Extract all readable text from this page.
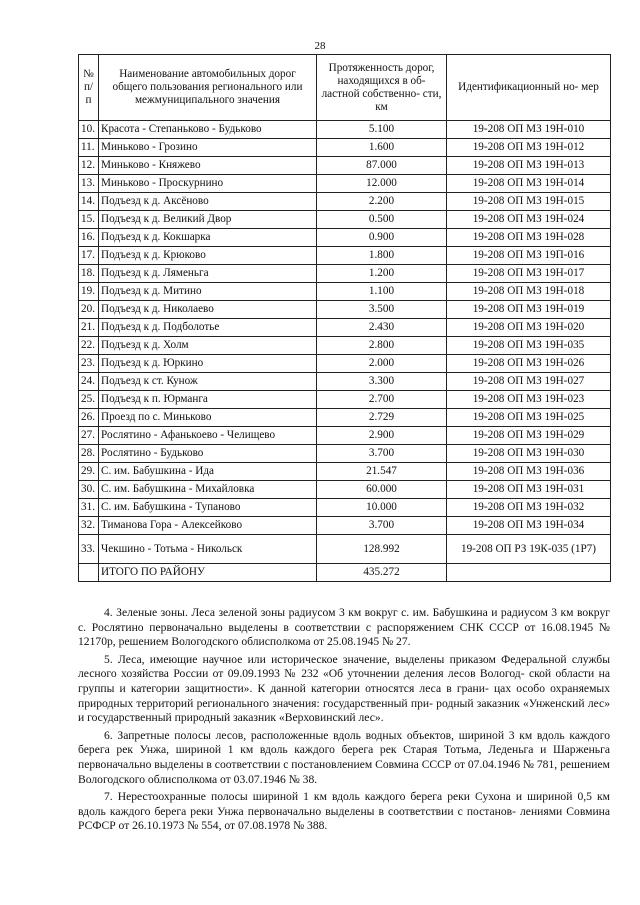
28
№ п/п	Наименование автомобильных дорог общего пользования регионального или межмуниципального значения	Протяженность дорог, находящихся в об- ластной собственно- сти, км	Идентификационный но- мер
10.	Красота - Степаньково - Будьково	5.100	19-208 ОП МЗ 19Н-010
11.	Миньково - Грозино	1.600	19-208 ОП МЗ 19Н-012
12.	Миньково - Княжево	87.000	19-208 ОП МЗ 19Н-013
13.	Миньково - Проскурнино	12.000	19-208 ОП МЗ 19Н-014
14.	Подъезд к д. Аксёново	2.200	19-208 ОП МЗ 19Н-015
15.	Подъезд к д. Великий Двор	0.500	19-208 ОП МЗ 19Н-024
16.	Подъезд к д. Кокшарка	0.900	19-208 ОП МЗ 19Н-028
17.	Подъезд к д. Крюково	1.800	19-208 ОП МЗ 19П-016
18.	Подъезд к д. Ляменьга	1.200	19-208 ОП МЗ 19Н-017
19.	Подъезд к д. Митино	1.100	19-208 ОП МЗ 19Н-018
20.	Подъезд к д. Николаево	3.500	19-208 ОП МЗ 19Н-019
21.	Подъезд к д. Подболотье	2.430	19-208 ОП МЗ 19Н-020
22.	Подъезд к д. Холм	2.800	19-208 ОП МЗ 19Н-035
23.	Подъезд к д. Юркино	2.000	19-208 ОП МЗ 19Н-026
24.	Подъезд к ст. Кунож	3.300	19-208 ОП МЗ 19Н-027
25.	Подъезд к п. Юрманга	2.700	19-208 ОП МЗ 19Н-023
26.	Проезд по с. Миньково	2.729	19-208 ОП МЗ 19Н-025
27.	Рослятино - Афанькоево - Челищево	2.900	19-208 ОП МЗ 19Н-029
28.	Рослятино - Будьково	3.700	19-208 ОП МЗ 19Н-030
29.	С. им. Бабушкина - Ида	21.547	19-208 ОП МЗ 19Н-036
30.	С. им. Бабушкина - Михайловка	60.000	19-208 ОП МЗ 19Н-031
31.	С. им. Бабушкина - Тупаново	10.000	19-208 ОП МЗ 19Н-032
32.	Тиманова Гора - Алексейково	3.700	19-208 ОП МЗ 19Н-034
33.	Чекшино - Тотьма - Никольск	128.992	19-208 ОП РЗ 19К-035 (1Р7)
	ИТОГО ПО РАЙОНУ	435.272	

4. Зеленые зоны. Леса зеленой зоны радиусом 3 км вокруг с. им. Бабушкина и радиусом 3 км вокруг с. Рослятино первоначально выделены в соответствии с распоряжением СНК СССР от 16.08.1945 № 12170р, решением Вологодского облисполкома от 25.08.1945 № 27.

5. Леса, имеющие научное или историческое значение, выделены приказом Федеральной службы лесного хозяйства России от 09.09.1993 № 232 «Об уточнении деления лесов Вологод- ской области на группы и категории защитности». К данной категории относятся леса в грани- цах особо охраняемых природных территорий регионального значения: государственный при- родный заказник «Унженский лес» и государственный природный заказник «Верховинский лес».

6. Запретные полосы лесов, расположенные вдоль водных объектов, шириной 3 км вдоль каждого берега рек Унжа, шириной 1 км вдоль каждого берега рек Старая Тотьма, Леденьга и Шарженьга первоначально выделены в соответствии с постановлением Совмина СССР от 07.04.1946 № 781, решением Вологодского облисполкома от 03.07.1946 № 38.

7. Нерестоохранные полосы шириной 1 км вдоль каждого берега реки Сухона и шириной 0,5 км вдоль каждого берега реки Унжа первоначально выделены в соответствии с постанов- лениями Совмина РСФСР от 26.10.1973 № 554, от 07.08.1978 № 388.
